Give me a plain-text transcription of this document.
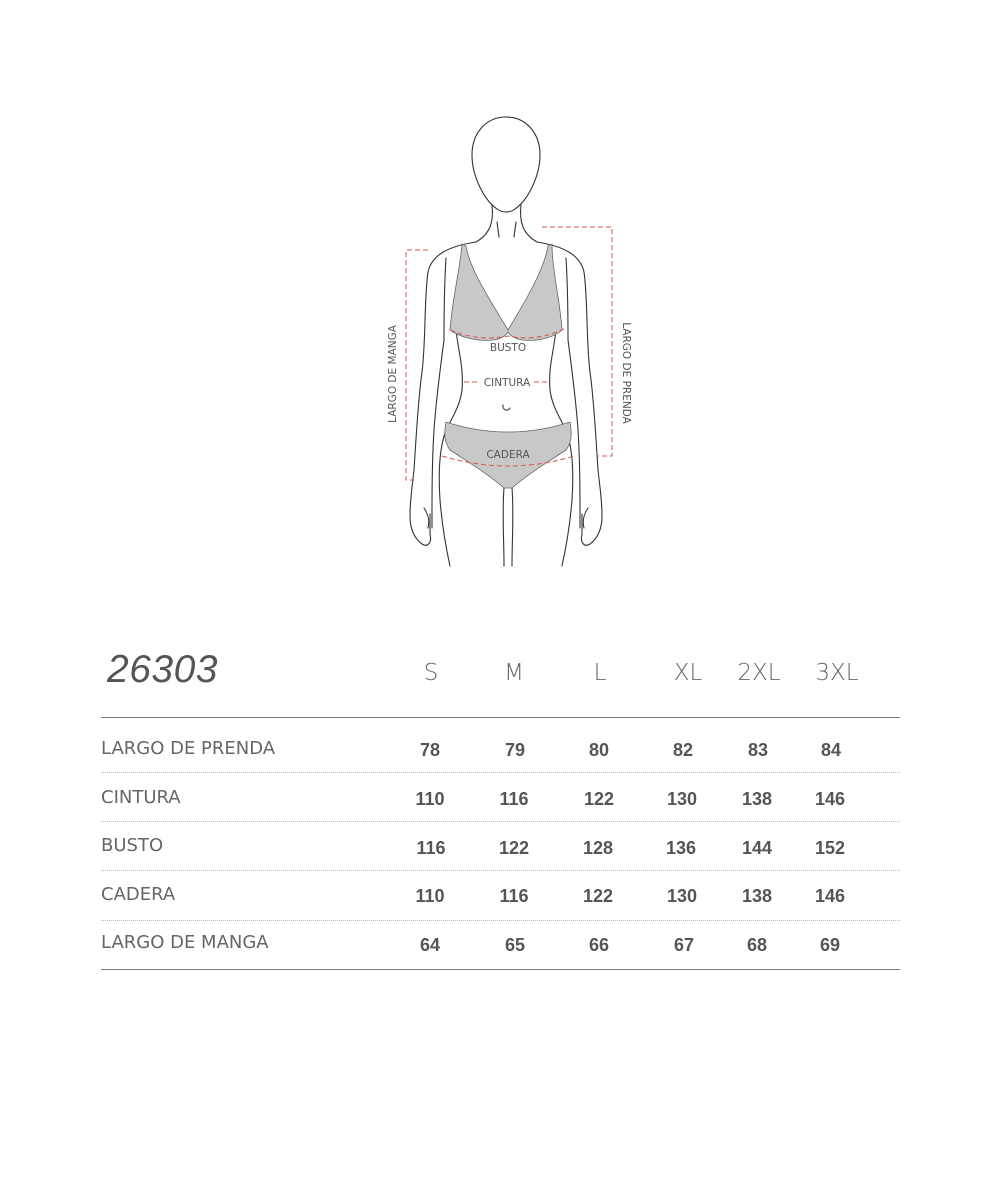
BUSTO
CINTURA
CADERA
LARGO DE MANGA	LARGO DE PRENDA
26303	S	M	L	XL	2XL	3XL
LARGO DE PRENDA	78	79	80	82	83	84
CINTURA	110	116	122	130	138	146
BUSTO	116	122	128	136	144	152
CADERA	110	116	122	130	138	146
LARGO DE MANGA	64	65	66	67	68	69
